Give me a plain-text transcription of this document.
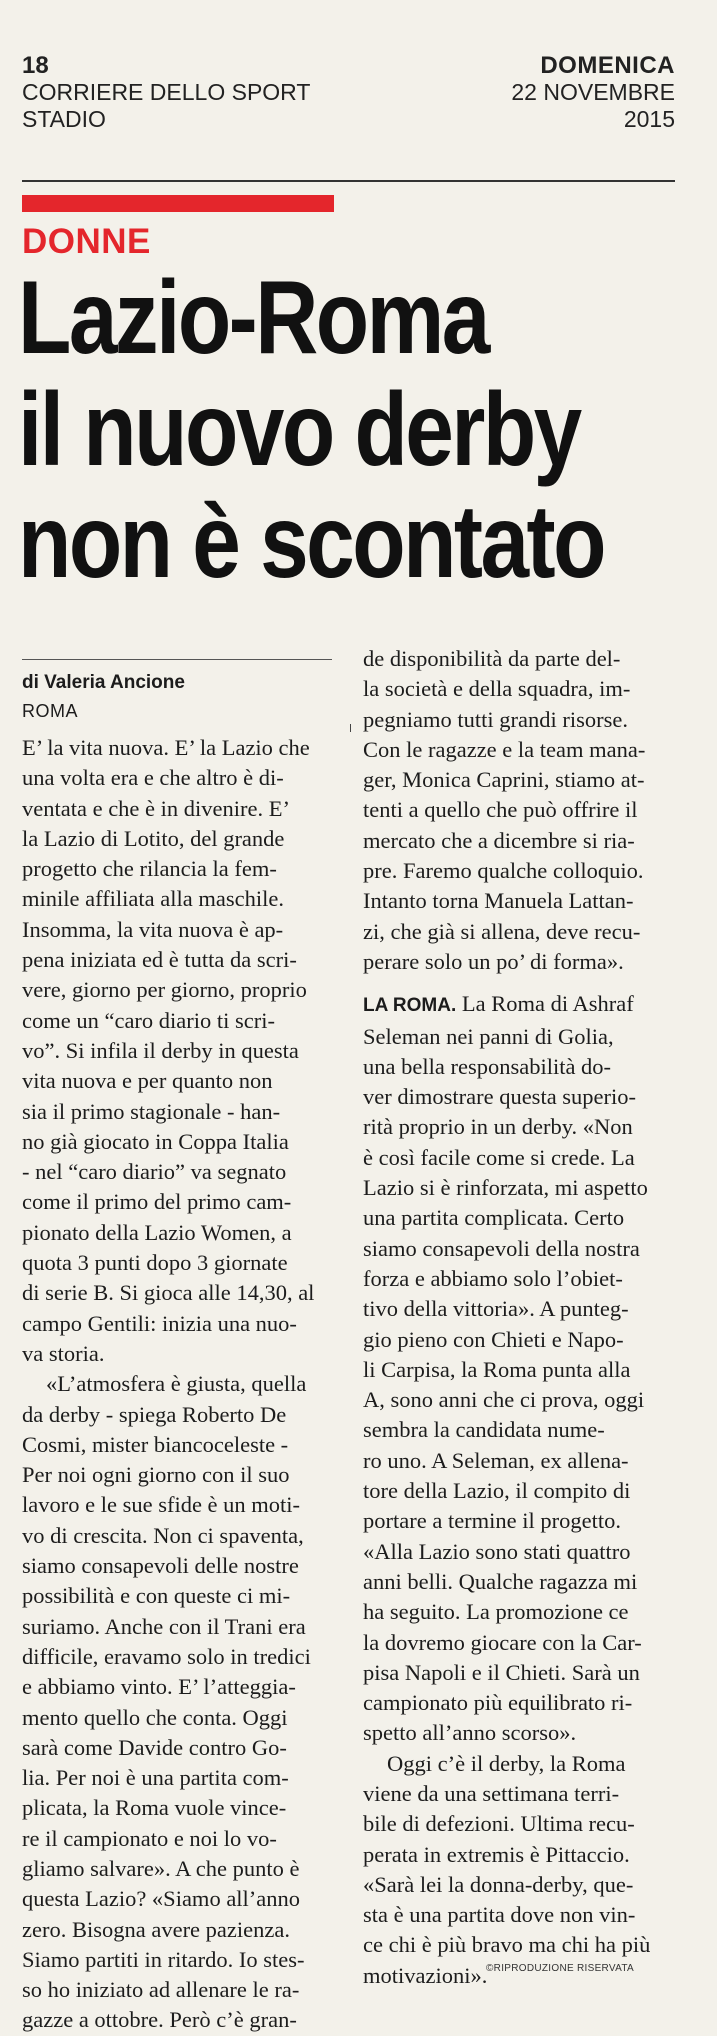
18
CORRIERE DELLO SPORT
STADIO
DOMENICA
22 NOVEMBRE
2015
DONNE
Lazio-Roma
il nuovo derby
non è scontato
di Valeria Ancione
ROMA
E’ la vita nuova. E’ la Lazio che
una volta era e che altro è di-
ventata e che è in divenire. E’
la Lazio di Lotito, del grande
progetto che rilancia la fem-
minile affiliata alla maschile.
Insomma, la vita nuova è ap-
pena iniziata ed è tutta da scri-
vere, giorno per giorno, proprio
come un “caro diario ti scri-
vo”. Si infila il derby in questa
vita nuova e per quanto non
sia il primo stagionale - han-
no già giocato in Coppa Italia
- nel “caro diario” va segnato
come il primo del primo cam-
pionato della Lazio Women, a
quota 3 punti dopo 3 giornate
di serie B. Si gioca alle 14,30, al
campo Gentili: inizia una nuo-
va storia.
«L’atmosfera è giusta, quella
da derby - spiega Roberto De
Cosmi, mister biancoceleste -
Per noi ogni giorno con il suo
lavoro e le sue sfide è un moti-
vo di crescita. Non ci spaventa,
siamo consapevoli delle nostre
possibilità e con queste ci mi-
suriamo. Anche con il Trani era
difficile, eravamo solo in tredici
e abbiamo vinto. E’ l’atteggia-
mento quello che conta. Oggi
sarà come Davide contro Go-
lia. Per noi è una partita com-
plicata, la Roma vuole vince-
re il campionato e noi lo vo-
gliamo salvare». A che punto è
questa Lazio? «Siamo all’anno
zero. Bisogna avere pazienza.
Siamo partiti in ritardo. Io stes-
so ho iniziato ad allenare le ra-
gazze a ottobre. Però c’è gran-
de disponibilità da parte del-
la società e della squadra, im-
pegniamo tutti grandi risorse.
Con le ragazze e la team mana-
ger, Monica Caprini, stiamo at-
tenti a quello che può offrire il
mercato che a dicembre si ria-
pre. Faremo qualche colloquio.
Intanto torna Manuela Lattan-
zi, che già si allena, deve recu-
perare solo un po’ di forma».
LA ROMA. La Roma di Ashraf
Seleman nei panni di Golia,
una bella responsabilità do-
ver dimostrare questa superio-
rità proprio in un derby. «Non
è così facile come si crede. La
Lazio si è rinforzata, mi aspetto
una partita complicata. Certo
siamo consapevoli della nostra
forza e abbiamo solo l’obiet-
tivo della vittoria». A punteg-
gio pieno con Chieti e Napo-
li Carpisa, la Roma punta alla
A, sono anni che ci prova, oggi
sembra la candidata nume-
ro uno. A Seleman, ex allena-
tore della Lazio, il compito di
portare a termine il progetto.
«Alla Lazio sono stati quattro
anni belli. Qualche ragazza mi
ha seguito. La promozione ce
la dovremo giocare con la Car-
pisa Napoli e il Chieti. Sarà un
campionato più equilibrato ri-
spetto all’anno scorso».
Oggi c’è il derby, la Roma
viene da una settimana terri-
bile di defezioni. Ultima recu-
perata in extremis è Pittaccio.
«Sarà lei la donna-derby, que-
sta è una partita dove non vin-
ce chi è più bravo ma chi ha più
motivazioni».
©RIPRODUZIONE RISERVATA
